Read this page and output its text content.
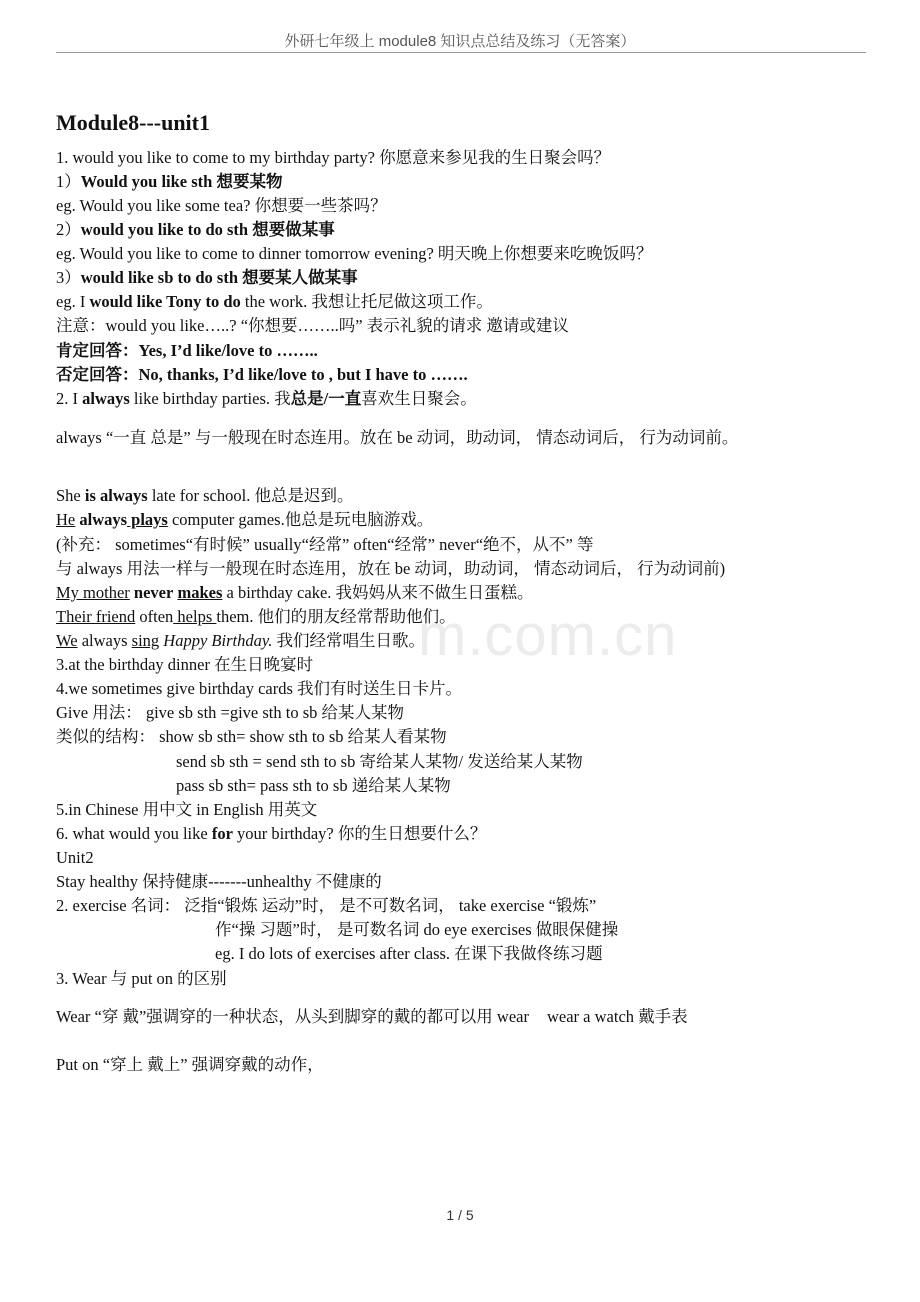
外研七年级上 module8 知识点总结及练习（无答案）
m.com.cn
Module8---unit1
1. would you like to come to my birthday party? 你愿意来参见我的生日聚会吗？
1）Would you like sth 想要某物
eg. Would you like some tea? 你想要一些茶吗？
2）would you like to do sth 想要做某事
eg. Would you like to come to dinner tomorrow evening? 明天晚上你想要来吃晚饭吗？
3）would like sb to do sth 想要某人做某事
eg. I would like Tony to do the work. 我想让托尼做这项工作。
注意：would you like…..? “你想要……..吗” 表示礼貌的请求 邀请或建议
肯定回答：Yes, I’d like/love to ……..
否定回答：No, thanks, I’d like/love to , but I have to …….
2. I always like birthday parties. 我总是/一直喜欢生日聚会。
always “一直 总是” 与一般现在时态连用。放在 be 动词，助动词， 情态动词后， 行为动词前。
She is always late for school. 他总是迟到。
He always plays computer games.他总是玩电脑游戏。
(补充： sometimes“有时候” usually“经常” often“经常” never“绝不，从不” 等
与 always 用法一样与一般现在时态连用，放在 be 动词，助动词， 情态动词后， 行为动词前)
My mother never makes a birthday cake. 我妈妈从来不做生日蛋糕。
Their friend often helps them. 他们的朋友经常帮助他们。
We always sing Happy Birthday. 我们经常唱生日歌。
3.at the birthday dinner 在生日晚宴时
4.we sometimes give birthday cards 我们有时送生日卡片。
Give 用法： give sb sth =give sth to sb 给某人某物
类似的结构： show sb sth= show sth to sb 给某人看某物
send sb sth = send sth to sb 寄给某人某物/ 发送给某人某物
pass sb sth= pass sth to sb 递给某人某物
5.in Chinese 用中文 in English 用英文
6. what would you like for your birthday? 你的生日想要什么？
Unit2
Stay healthy 保持健康-------unhealthy 不健康的
2. exercise 名词： 泛指“锻炼 运动”时， 是不可数名词， take exercise “锻炼”
作“操 习题”时， 是可数名词 do eye exercises 做眼保健操
eg. I do lots of exercises after class. 在课下我做佟练习题
3. Wear 与 put on 的区别
Wear “穿 戴”强调穿的一种状态，从头到脚穿的戴的都可以用 wear wear a watch 戴手表
Put on “穿上 戴上” 强调穿戴的动作，
1 / 5
